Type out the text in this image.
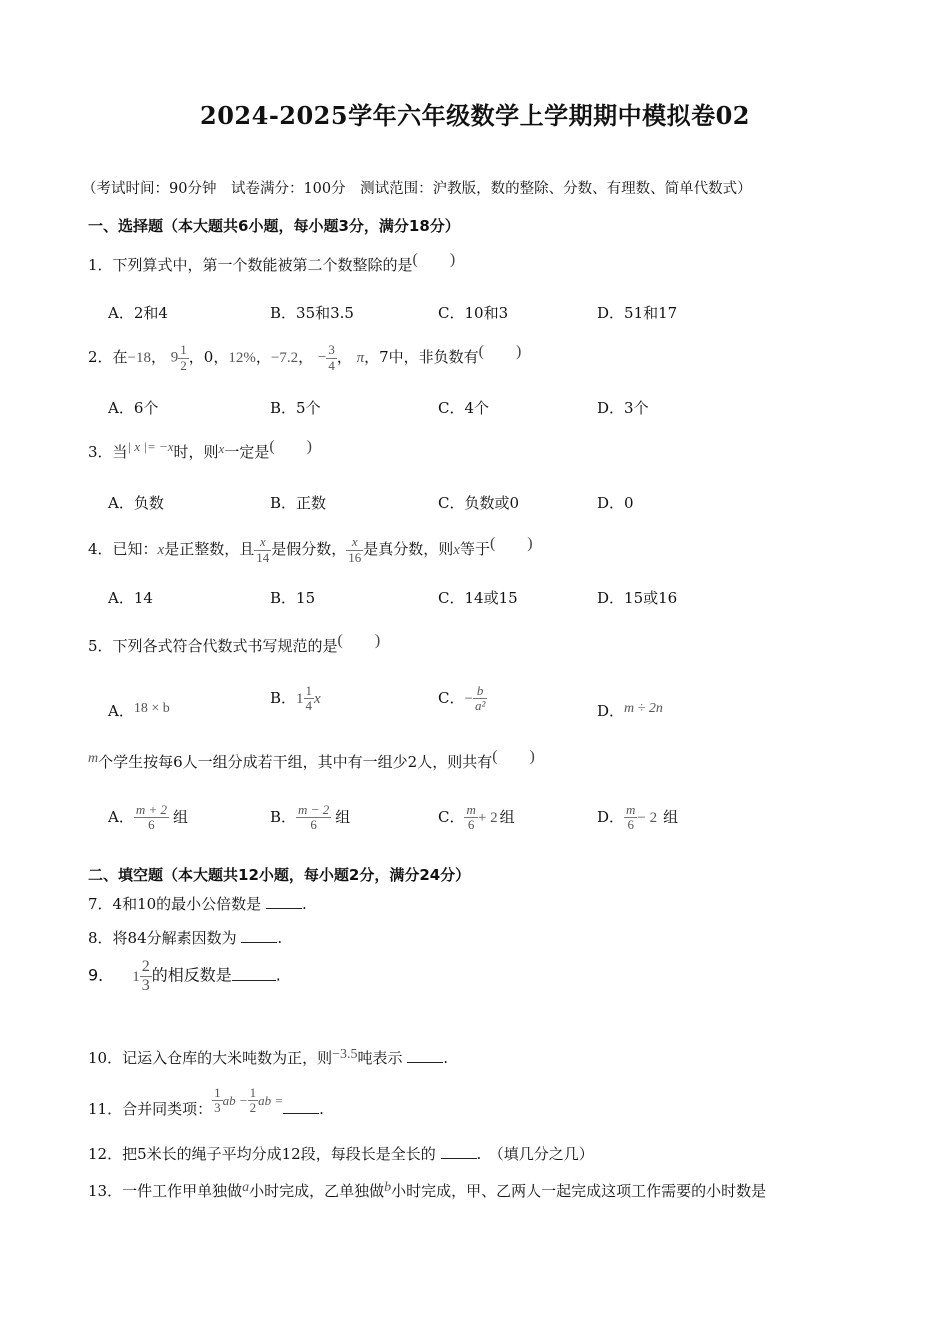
2024-2025学年六年级数学上学期期中模拟卷02
（考试时间：90分钟　试卷满分：100分　测试范围：沪教版，数的整除、分数、有理数、简单代数式）
一、选择题（本大题共6小题，每小题3分，满分18分）
1．下列算式中，第一个数能被第二个数整除的是(　　)
A．2和4	B．35和3.5	C．10和3	D．51和17
2．在−18， $9 \frac{1}{2}$ ，0，12%，−7.2， − $\frac{3}{4}$ ， π，7中，非负数有(　　)
A．6个	B．5个	C．4个	D．3个
3．当| x |= −x时，则x一定是(　　)
A．负数	B．正数	C．负数或0	D．0
4．已知：x是正整数，且 $\frac{x}{14}$ 是假分数， $\frac{x}{16}$ 是真分数，则x等于(　　)
A．14	B．15	C．14或15	D．15或16
5．下列各式符合代数式书写规范的是(　　)
A．18 × b
B．$1 \frac{1}{4}$ x	C．− $\frac{b}{\text{a²}}$	D．m ÷ 2n
m个学生按每6人一组分成若干组，其中有一组少2人，则共有(　　)
A． $\frac{m + 2}{6}$ 组	B． $\frac{m - 2}{6}$ 组	C． $\frac{m}{6} + 2$ 组	D． $\frac{m}{6} - 2$ 组
二、填空题（本大题共12小题，每小题2分，满分24分）
7．4和10的最小公倍数是	.
8．将84分解素因数为	.
9． $1 \frac{2}{3}$ 的相反数是	.
10．记运入仓库的大米吨数为正，则−3.5吨表示	.
11．合并同类项： $\frac{1}{3}$ ab − $\frac{1}{2}$ ab = .
12．把5米长的绳子平均分成12段，每段长是全长的	.　（填几分之几）
13．一件工作甲单独做a小时完成，乙单独做b小时完成，甲、乙两人一起完成这项工作需要的小时数是
